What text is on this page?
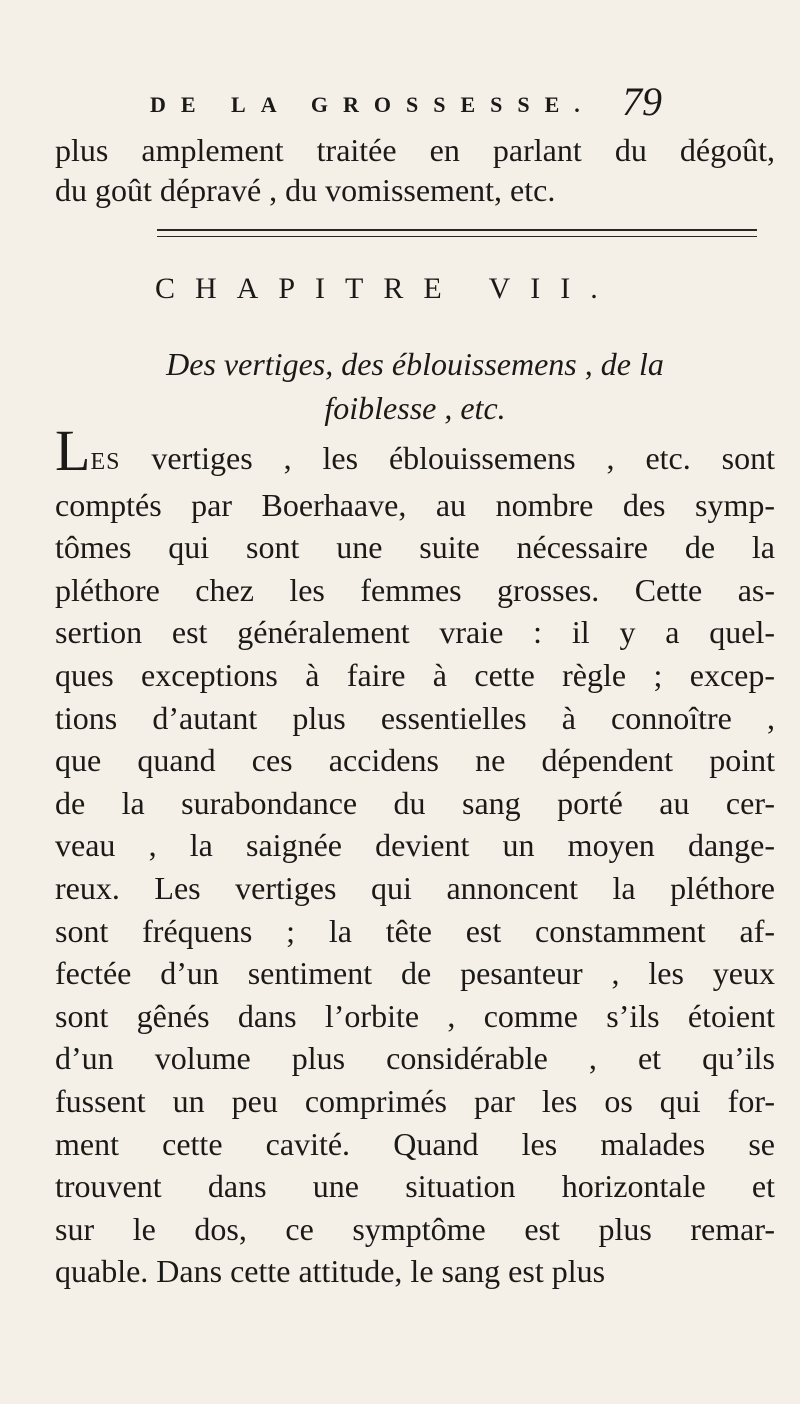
DE LA GROSSESSE. 79
plus amplement traitée en parlant du dégoût,
du goût dépravé , du vomissement, etc.
CHAPITRE VII.
Des vertiges, des éblouissemens , de la
foiblesse , etc.
LES vertiges , les éblouissemens , etc. sont
comptés par Boerhaave, au nombre des symp-
tômes qui sont une suite nécessaire de la
pléthore chez les femmes grosses. Cette as-
sertion est généralement vraie : il y a quel-
ques exceptions à faire à cette règle ; excep-
tions d’autant plus essentielles à connoître ,
que quand ces accidens ne dépendent point
de la surabondance du sang porté au cer-
veau , la saignée devient un moyen dange-
reux. Les vertiges qui annoncent la pléthore
sont fréquens ; la tête est constamment af-
fectée d’un sentiment de pesanteur , les yeux
sont gênés dans l’orbite , comme s’ils étoient
d’un volume plus considérable , et qu’ils
fussent un peu comprimés par les os qui for-
ment cette cavité. Quand les malades se
trouvent dans une situation horizontale et
sur le dos, ce symptôme est plus remar-
quable. Dans cette attitude, le sang est plus
